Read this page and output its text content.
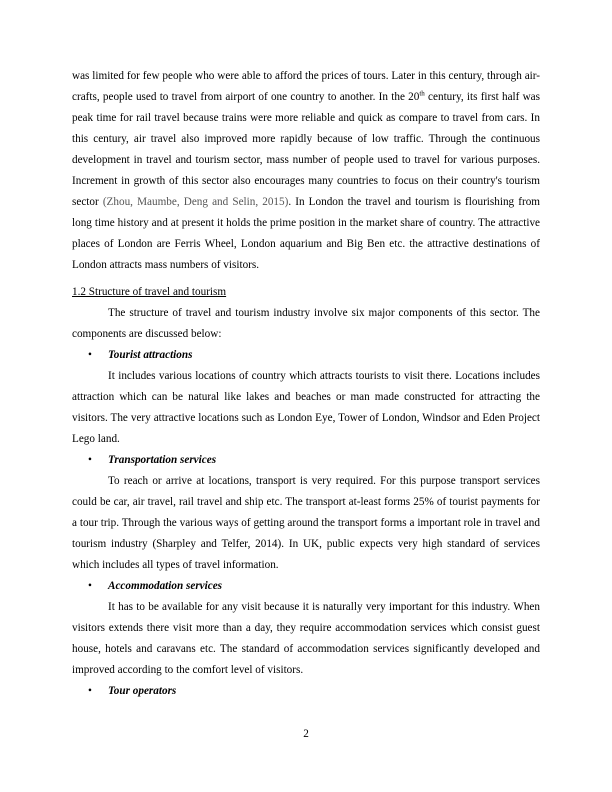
was limited for few people who were able to afford the prices of tours. Later in this century, through air-crafts, people used to travel from airport of one country to another. In the 20th century, its first half was peak time for rail travel because trains were more reliable and quick as compare to travel from cars. In this century, air travel also improved more rapidly because of low traffic. Through the continuous development in travel and tourism sector, mass number of people used to travel for various purposes. Increment in growth of this sector also encourages many countries to focus on their country's tourism sector (Zhou, Maumbe, Deng and Selin, 2015). In London the travel and tourism is flourishing from long time history and at present it holds the prime position in the market share of country. The attractive places of London are Ferris Wheel, London aquarium and Big Ben etc. the attractive destinations of London attracts mass numbers of visitors.

1.2 Structure of travel and tourism

The structure of travel and tourism industry involve six major components of this sector. The components are discussed below:

• Tourist attractions

It includes various locations of country which attracts tourists to visit there. Locations includes attraction which can be natural like lakes and beaches or man made constructed for attracting the visitors. The very attractive locations such as London Eye, Tower of London, Windsor and Eden Project Lego land.

• Transportation services

To reach or arrive at locations, transport is very required. For this purpose transport services could be car, air travel, rail travel and ship etc. The transport at-least forms 25% of tourist payments for a tour trip. Through the various ways of getting around the transport forms a important role in travel and tourism industry (Sharpley and Telfer, 2014). In UK, public expects very high standard of services which includes all types of travel information.

• Accommodation services

It has to be available for any visit because it is naturally very important for this industry. When visitors extends there visit more than a day, they require accommodation services which consist guest house, hotels and caravans etc. The standard of accommodation services significantly developed and improved according to the comfort level of visitors.

• Tour operators
2
